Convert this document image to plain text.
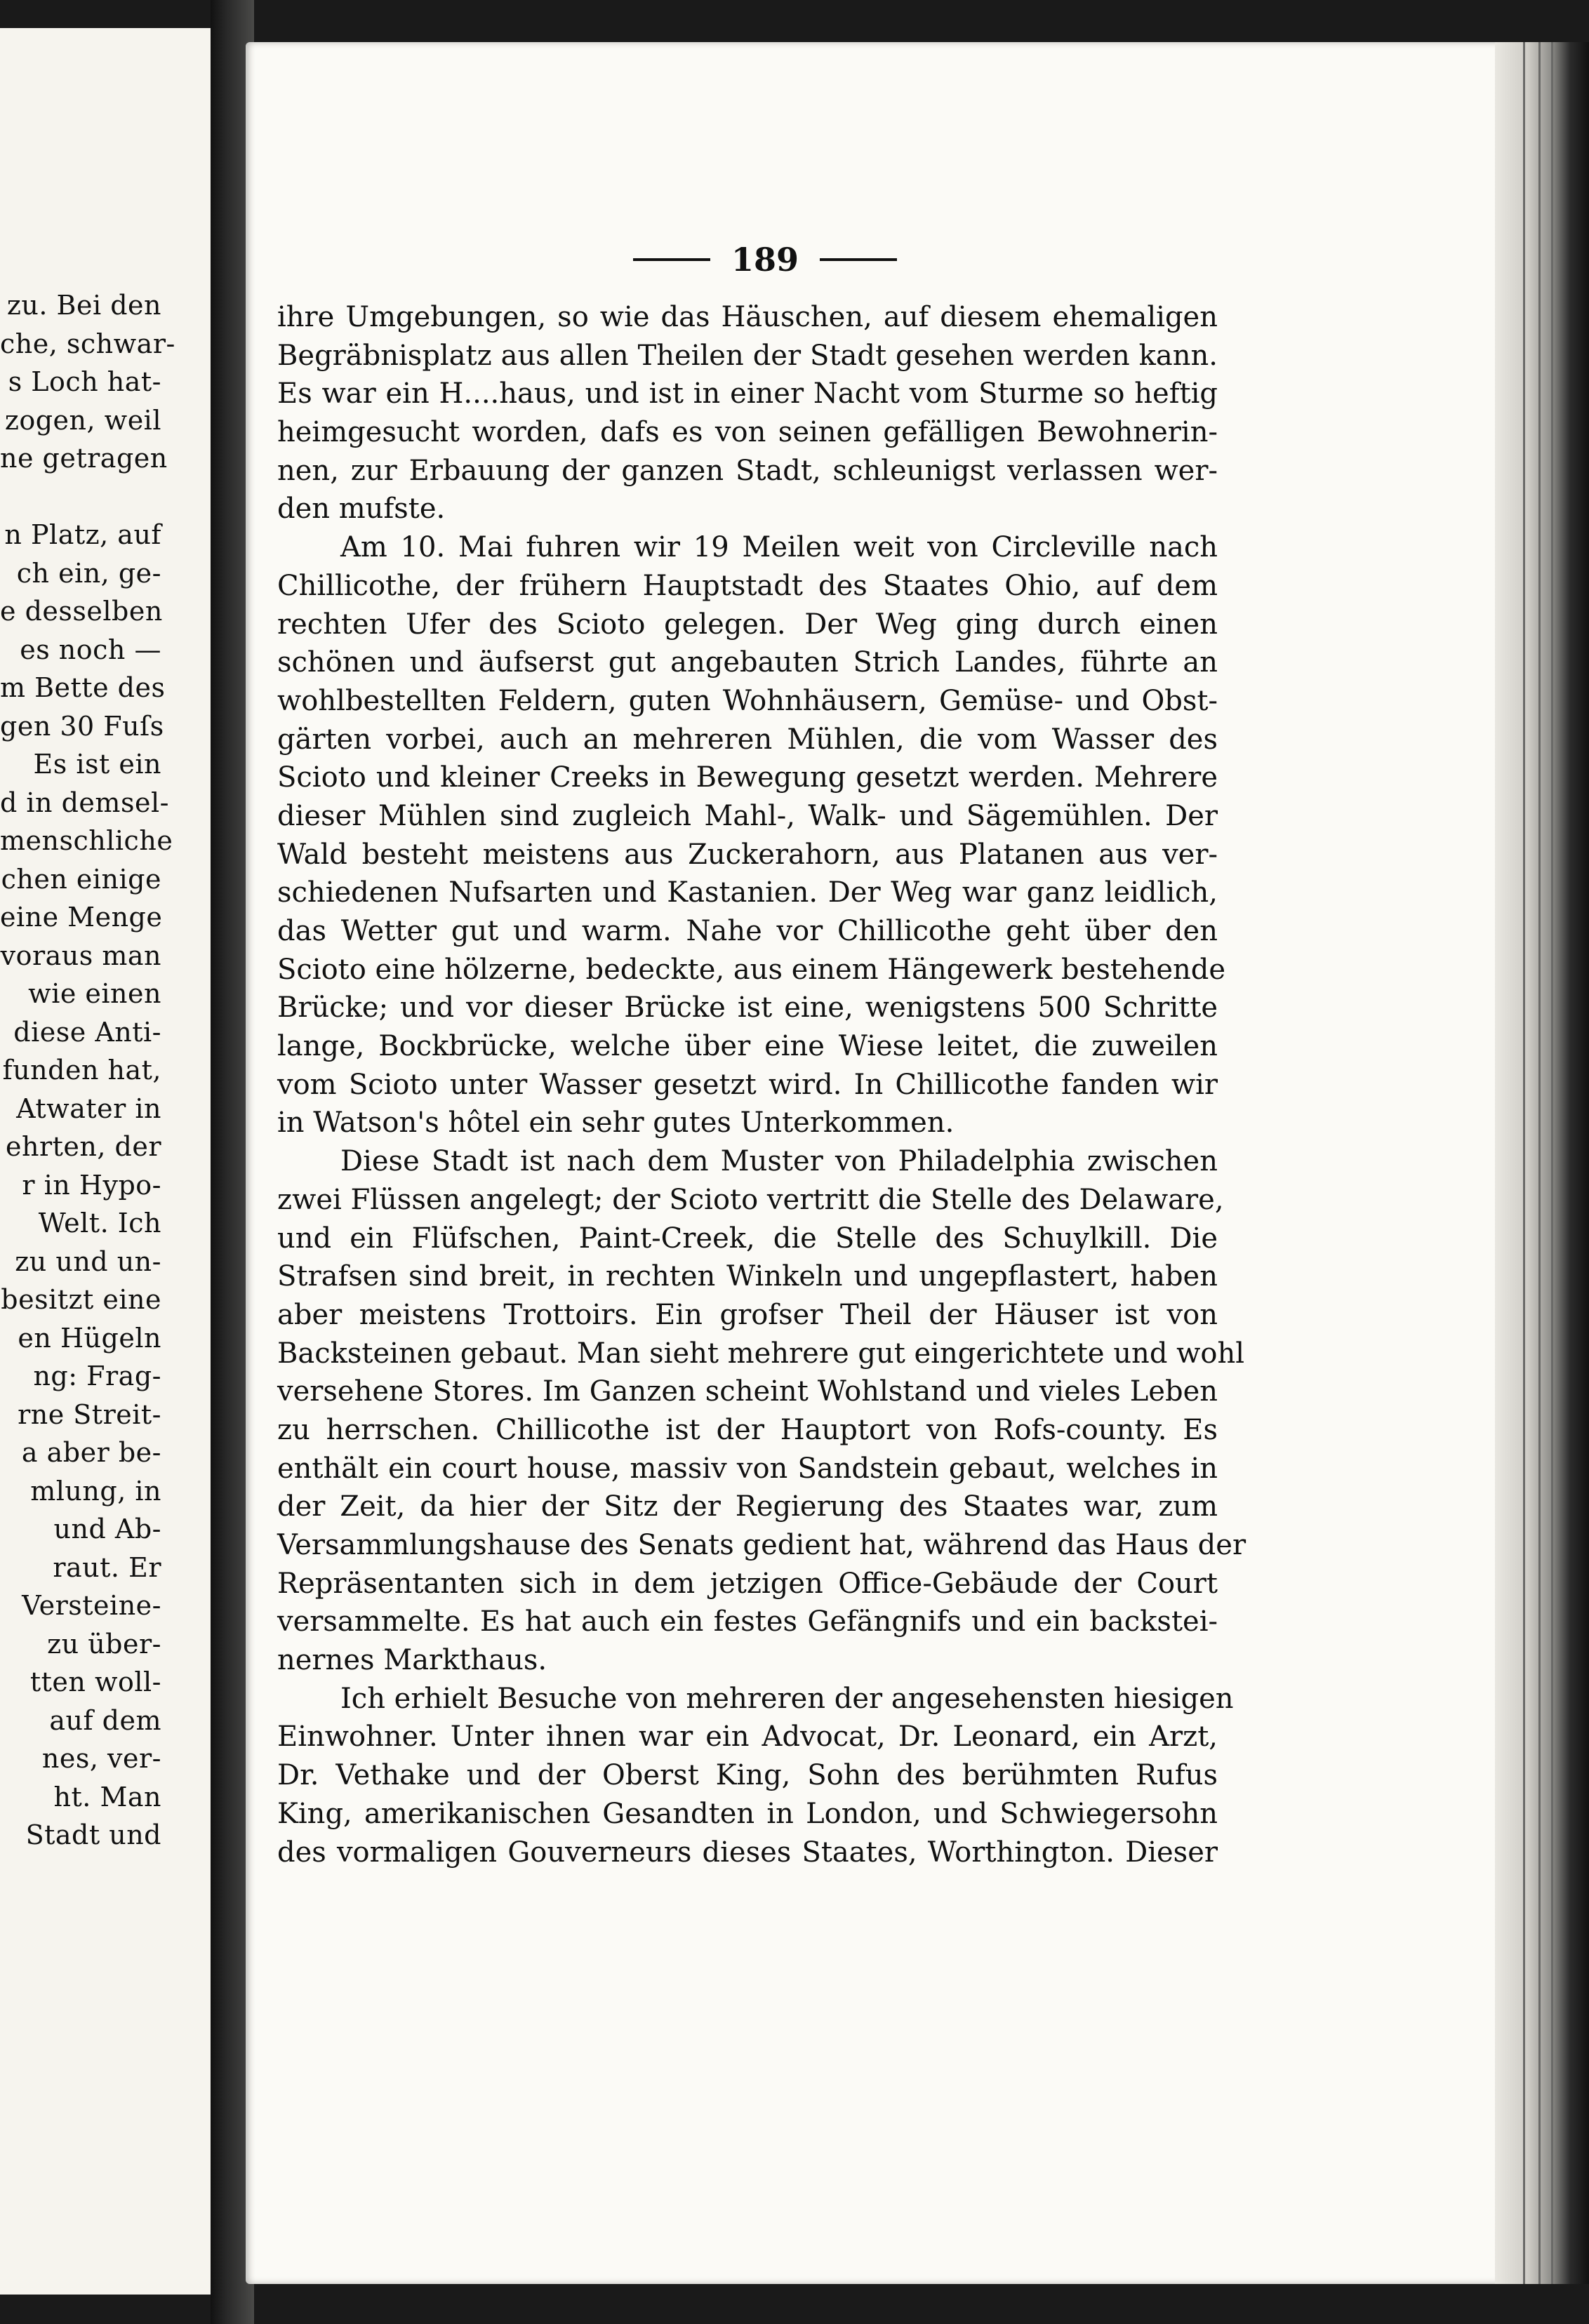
zu. Bei den
che, schwar-
s Loch hat-
zogen, weil
ne getragen
n Platz, auf
ch ein, ge-
e desselben
es noch —
m Bette des
gen 30 Fuſs
Es ist ein
d in demsel-
menschliche
chen einige
eine Menge
voraus man
wie einen
diese Anti-
funden hat,
Atwater in
ehrten, der
r in Hypo-
Welt. Ich
zu und un-
besitzt eine
en Hügeln
ng: Frag-
rne Streit-
a aber be-
mlung, in
und Ab-
raut. Er
Versteine-
zu über-
tten woll-
auf dem
nes, ver-
ht. Man
Stadt und
189
ihre Umgebungen, so wie das Häuschen, auf diesem ehemaligen
Begräbnisplatz aus allen Theilen der Stadt gesehen werden kann.
Es war ein H....haus, und ist in einer Nacht vom Sturme so heftig
heimgesucht worden, dafs es von seinen gefälligen Bewohnerin-
nen, zur Erbauung der ganzen Stadt, schleunigst verlassen wer-
den mufste.
Am 10. Mai fuhren wir 19 Meilen weit von Circleville nach
Chillicothe, der frühern Hauptstadt des Staates Ohio, auf dem
rechten Ufer des Scioto gelegen. Der Weg ging durch einen
schönen und äufserst gut angebauten Strich Landes, führte an
wohlbestellten Feldern, guten Wohnhäusern, Gemüse- und Obst-
gärten vorbei, auch an mehreren Mühlen, die vom Wasser des
Scioto und kleiner Creeks in Bewegung gesetzt werden. Mehrere
dieser Mühlen sind zugleich Mahl-, Walk- und Sägemühlen. Der
Wald besteht meistens aus Zuckerahorn, aus Platanen aus ver-
schiedenen Nufsarten und Kastanien. Der Weg war ganz leidlich,
das Wetter gut und warm. Nahe vor Chillicothe geht über den
Scioto eine hölzerne, bedeckte, aus einem Hängewerk bestehende
Brücke; und vor dieser Brücke ist eine, wenigstens 500 Schritte
lange, Bockbrücke, welche über eine Wiese leitet, die zuweilen
vom Scioto unter Wasser gesetzt wird. In Chillicothe fanden wir
in Watson's hôtel ein sehr gutes Unterkommen.
Diese Stadt ist nach dem Muster von Philadelphia zwischen
zwei Flüssen angelegt; der Scioto vertritt die Stelle des Delaware,
und ein Flüfschen, Paint-Creek, die Stelle des Schuylkill. Die
Strafsen sind breit, in rechten Winkeln und ungepflastert, haben
aber meistens Trottoirs. Ein grofser Theil der Häuser ist von
Backsteinen gebaut. Man sieht mehrere gut eingerichtete und wohl
versehene Stores. Im Ganzen scheint Wohlstand und vieles Leben
zu herrschen. Chillicothe ist der Hauptort von Rofs-county. Es
enthält ein court house, massiv von Sandstein gebaut, welches in
der Zeit, da hier der Sitz der Regierung des Staates war, zum
Versammlungshause des Senats gedient hat, während das Haus der
Repräsentanten sich in dem jetzigen Office-Gebäude der Court
versammelte. Es hat auch ein festes Gefängnifs und ein backstei-
nernes Markthaus.
Ich erhielt Besuche von mehreren der angesehensten hiesigen
Einwohner. Unter ihnen war ein Advocat, Dr. Leonard, ein Arzt,
Dr. Vethake und der Oberst King, Sohn des berühmten Rufus
King, amerikanischen Gesandten in London, und Schwiegersohn
des vormaligen Gouverneurs dieses Staates, Worthington. Dieser
